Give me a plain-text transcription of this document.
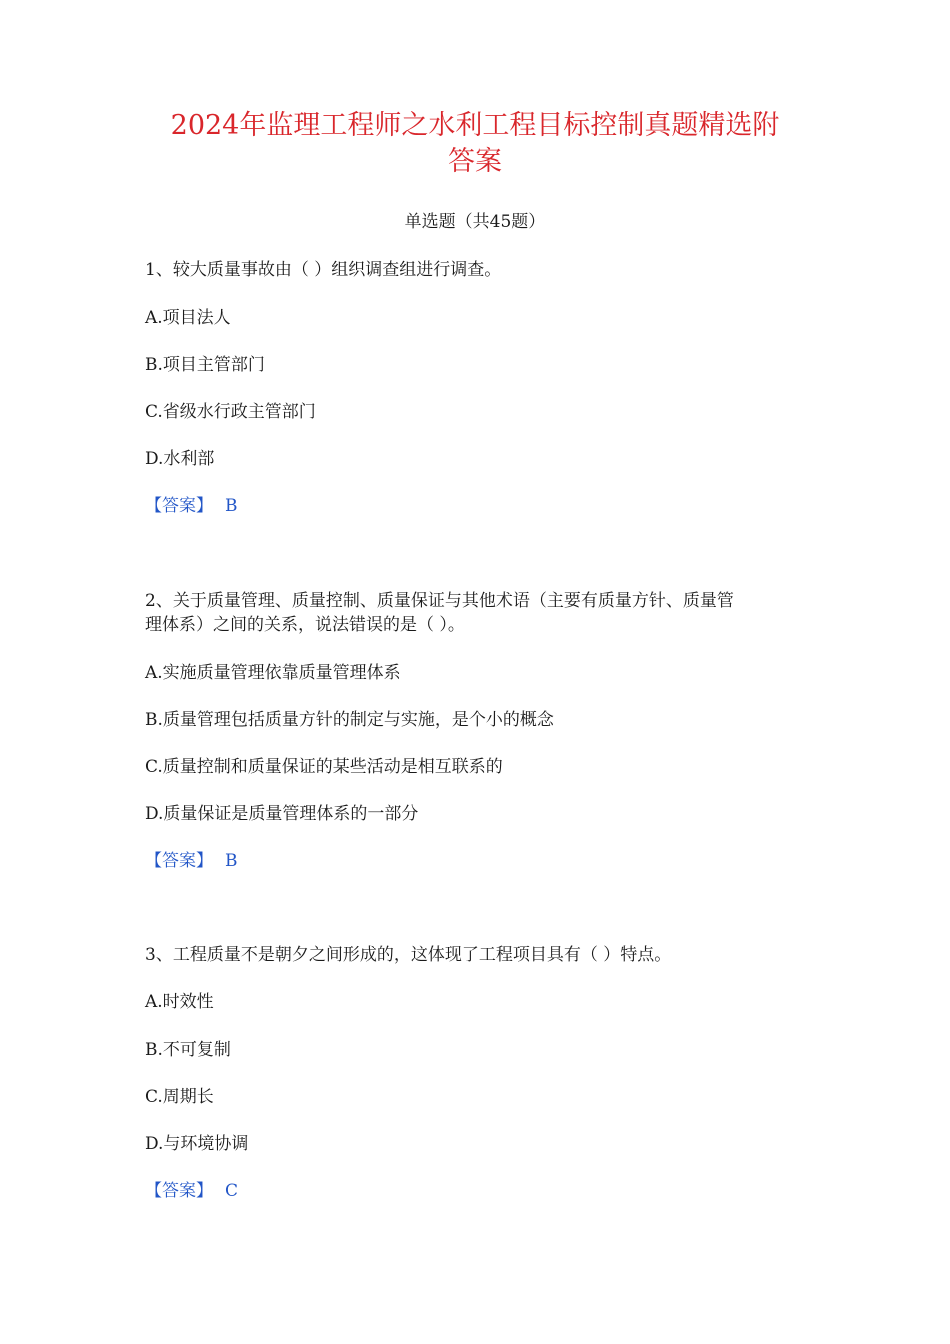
2024年监理工程师之水利工程目标控制真题精选附
答案
单选题（共45题）
1、较大质量事故由（ ）组织调查组进行调查。
A.项目法人
B.项目主管部门
C.省级水行政主管部门
D.水利部
【答案】 B
2、关于质量管理、质量控制、质量保证与其他术语（主要有质量方针、质量管
理体系）之间的关系，说法错误的是（ ）。
A.实施质量管理依靠质量管理体系
B.质量管理包括质量方针的制定与实施，是个小的概念
C.质量控制和质量保证的某些活动是相互联系的
D.质量保证是质量管理体系的一部分
【答案】 B
3、工程质量不是朝夕之间形成的，这体现了工程项目具有（ ）特点。
A.时效性
B.不可复制
C.周期长
D.与环境协调
【答案】 C
